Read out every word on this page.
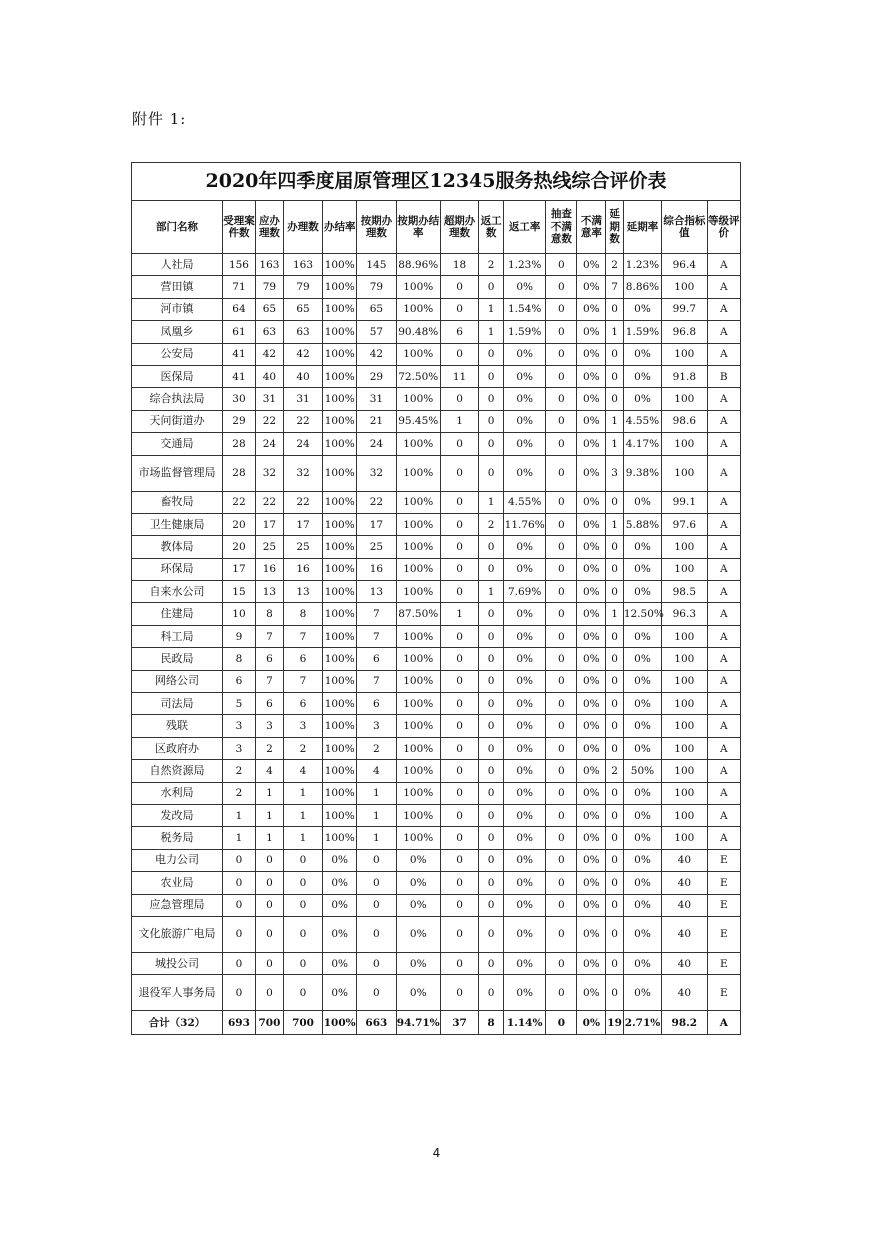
附件 1:
2020年四季度届原管理区12345服务热线综合评价表															
部门名称	受理案件数	应办理数	办理数	办结率	按期办理数	按期办结率	超期办理数	返工数	返工率	抽查不满意数	不满意率	延期数	延期率	综合指标值	等级评价
人社局	156	163	163	100%	145	88.96%	18	2	1.23%	0	0%	2	1.23%	96.4	A
营田镇	71	79	79	100%	79	100%	0	0	0%	0	0%	7	8.86%	100	A
河市镇	64	65	65	100%	65	100%	0	1	1.54%	0	0%	0	0%	99.7	A
凤凰乡	61	63	63	100%	57	90.48%	6	1	1.59%	0	0%	1	1.59%	96.8	A
公安局	41	42	42	100%	42	100%	0	0	0%	0	0%	0	0%	100	A
医保局	41	40	40	100%	29	72.50%	11	0	0%	0	0%	0	0%	91.8	B
综合执法局	30	31	31	100%	31	100%	0	0	0%	0	0%	0	0%	100	A
天问街道办	29	22	22	100%	21	95.45%	1	0	0%	0	0%	1	4.55%	98.6	A
交通局	28	24	24	100%	24	100%	0	0	0%	0	0%	1	4.17%	100	A
市场监督管理局	28	32	32	100%	32	100%	0	0	0%	0	0%	3	9.38%	100	A
畜牧局	22	22	22	100%	22	100%	0	1	4.55%	0	0%	0	0%	99.1	A
卫生健康局	20	17	17	100%	17	100%	0	2	11.76%	0	0%	1	5.88%	97.6	A
教体局	20	25	25	100%	25	100%	0	0	0%	0	0%	0	0%	100	A
环保局	17	16	16	100%	16	100%	0	0	0%	0	0%	0	0%	100	A
自来水公司	15	13	13	100%	13	100%	0	1	7.69%	0	0%	0	0%	98.5	A
住建局	10	8	8	100%	7	87.50%	1	0	0%	0	0%	1	12.50%	96.3	A
科工局	9	7	7	100%	7	100%	0	0	0%	0	0%	0	0%	100	A
民政局	8	6	6	100%	6	100%	0	0	0%	0	0%	0	0%	100	A
网络公司	6	7	7	100%	7	100%	0	0	0%	0	0%	0	0%	100	A
司法局	5	6	6	100%	6	100%	0	0	0%	0	0%	0	0%	100	A
残联	3	3	3	100%	3	100%	0	0	0%	0	0%	0	0%	100	A
区政府办	3	2	2	100%	2	100%	0	0	0%	0	0%	0	0%	100	A
自然资源局	2	4	4	100%	4	100%	0	0	0%	0	0%	2	50%	100	A
水利局	2	1	1	100%	1	100%	0	0	0%	0	0%	0	0%	100	A
发改局	1	1	1	100%	1	100%	0	0	0%	0	0%	0	0%	100	A
税务局	1	1	1	100%	1	100%	0	0	0%	0	0%	0	0%	100	A
电力公司	0	0	0	0%	0	0%	0	0	0%	0	0%	0	0%	40	E
农业局	0	0	0	0%	0	0%	0	0	0%	0	0%	0	0%	40	E
应急管理局	0	0	0	0%	0	0%	0	0	0%	0	0%	0	0%	40	E
文化旅游广电局	0	0	0	0%	0	0%	0	0	0%	0	0%	0	0%	40	E
城投公司	0	0	0	0%	0	0%	0	0	0%	0	0%	0	0%	40	E
退役军人事务局	0	0	0	0%	0	0%	0	0	0%	0	0%	0	0%	40	E
合计（32）	693	700	700	100%	663	94.71%	37	8	1.14%	0	0%	19	2.71%	98.2	A
4
